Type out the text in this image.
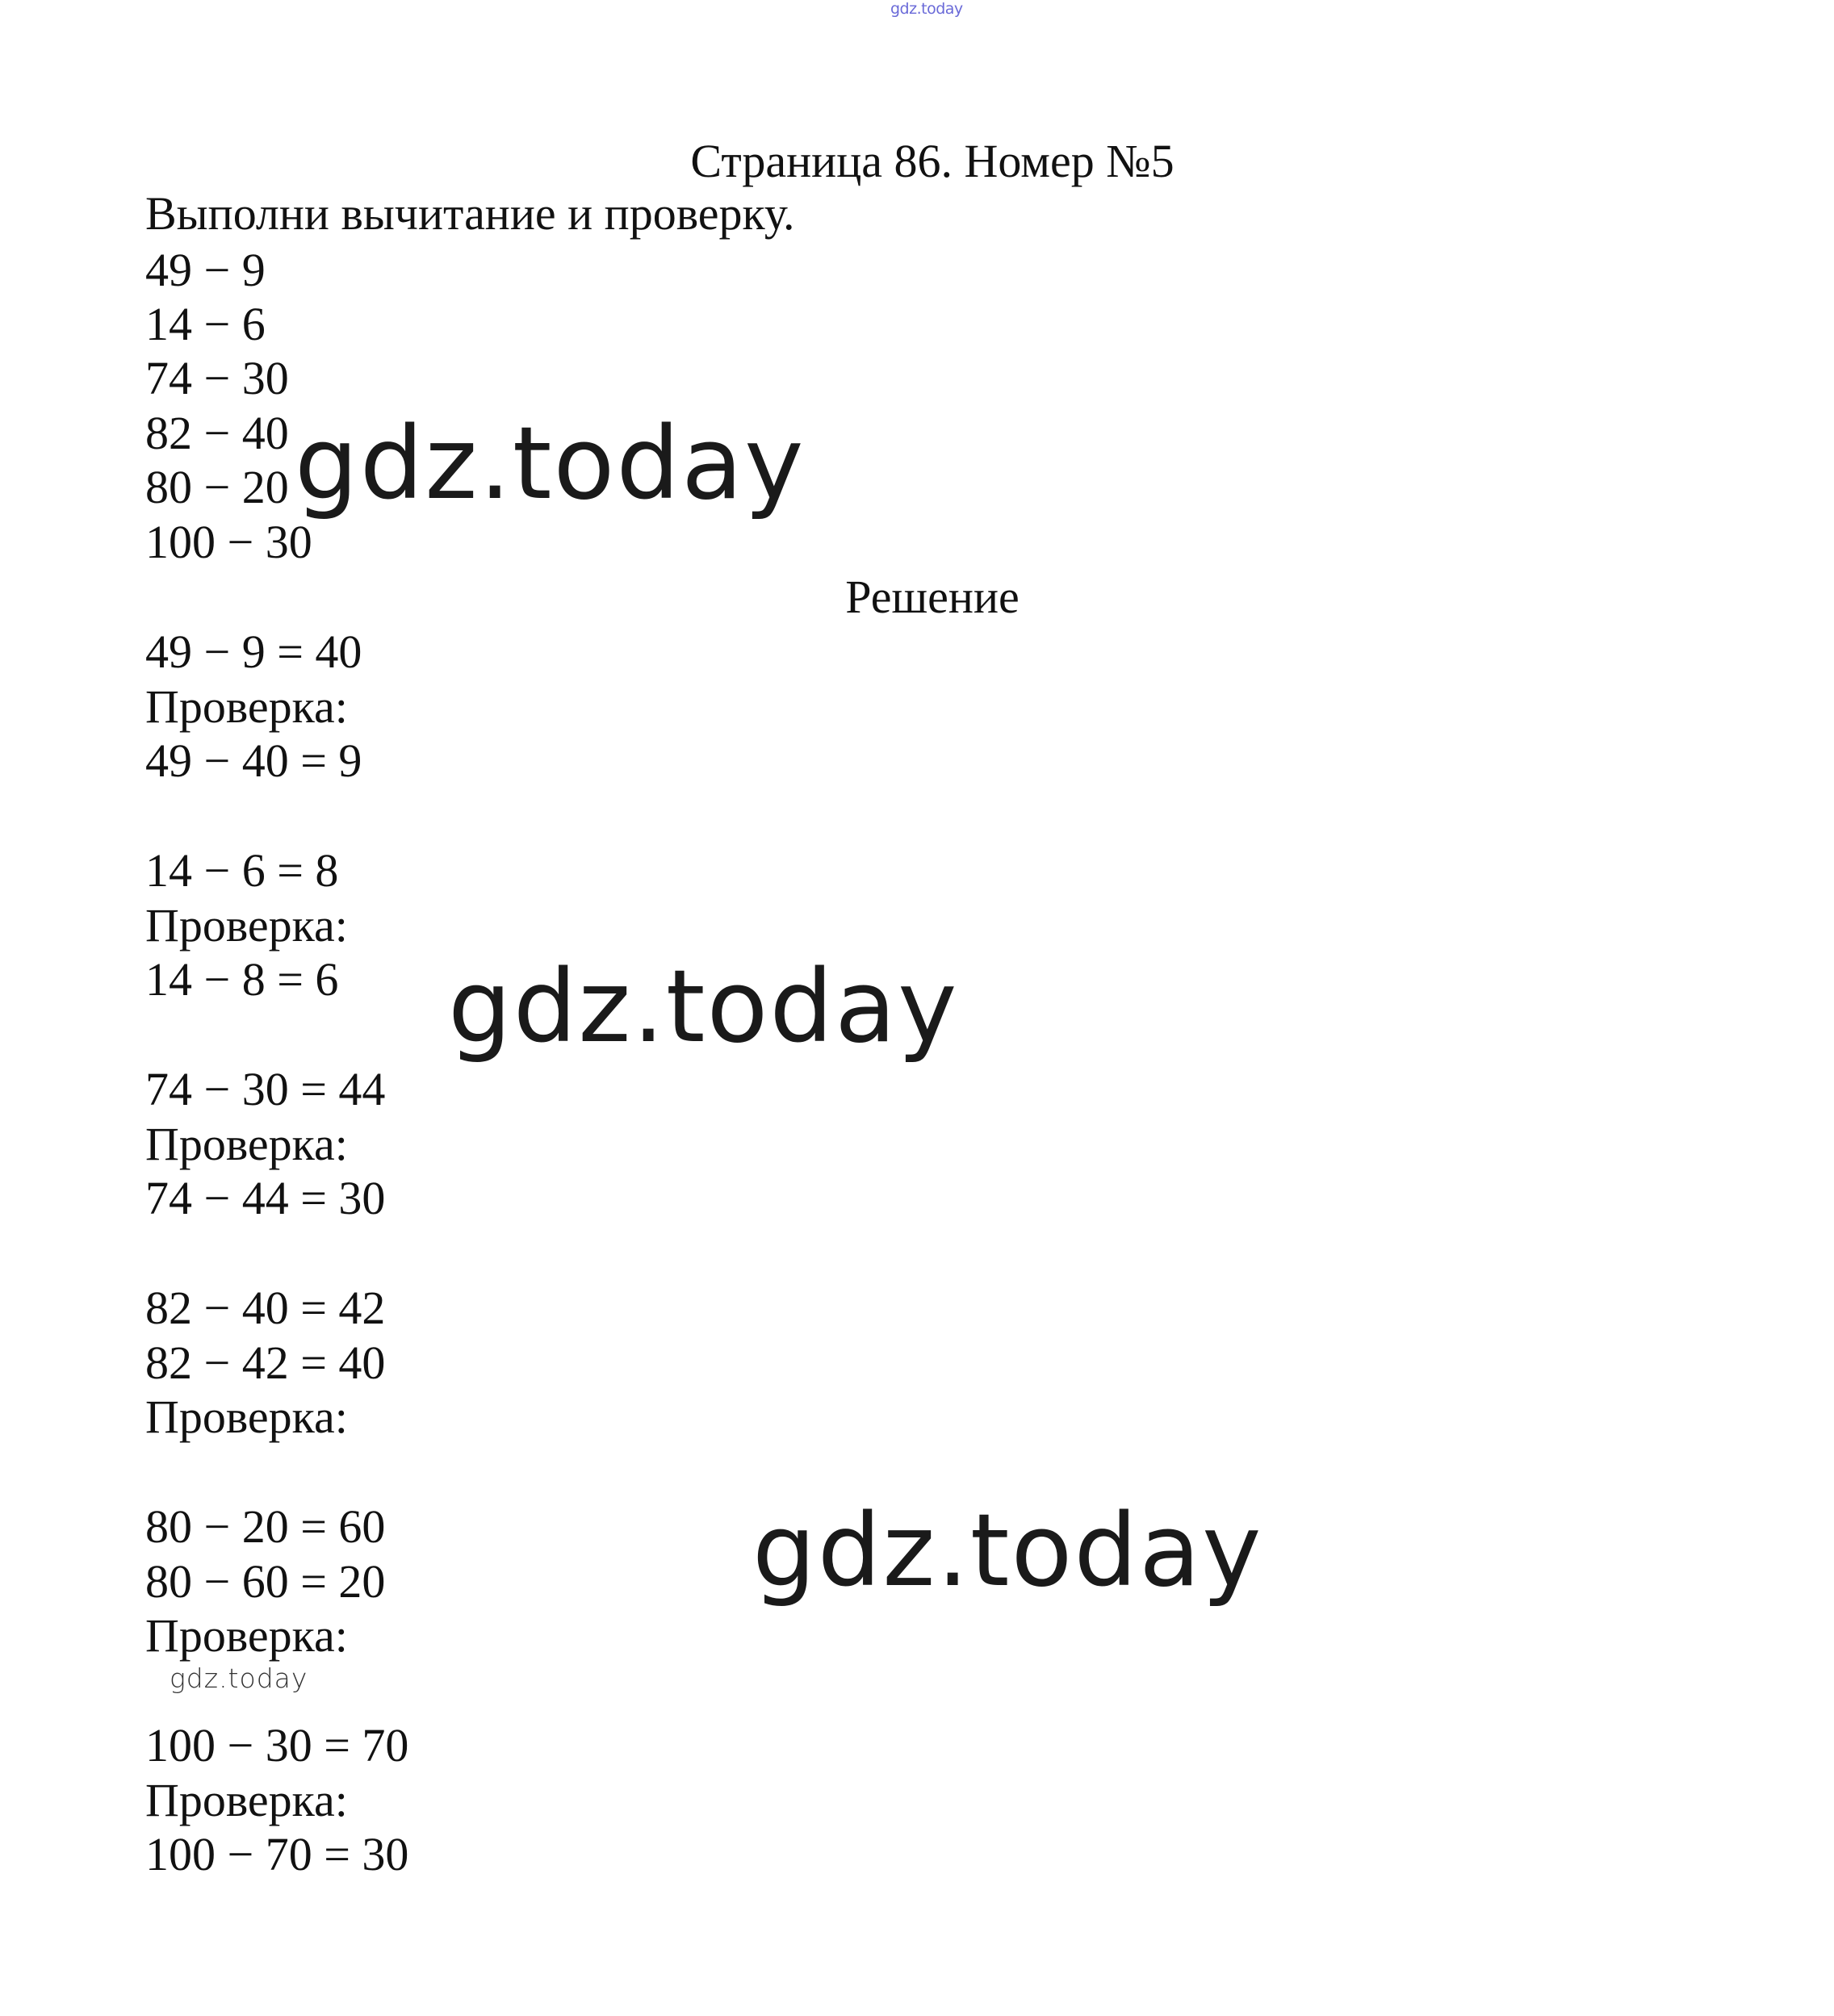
gdz.today
Страница 86. Номер №5
Выполни вычитание и проверку.
49 − 9
14 − 6
74 − 30
82 − 40
80 − 20
100 − 30
Решение
49 − 9 = 40
Проверка:
49 − 40 = 9
14 − 6 = 8
Проверка:
14 − 8 = 6
74 − 30 = 44
Проверка:
74 − 44 = 30
82 − 40 = 42
82 − 42 = 40
Проверка:
80 − 20 = 60
80 − 60 = 20
Проверка:
100 − 30 = 70
Проверка:
100 − 70 = 30
gdz.today
gdz.today
gdz.today
gdz.today
